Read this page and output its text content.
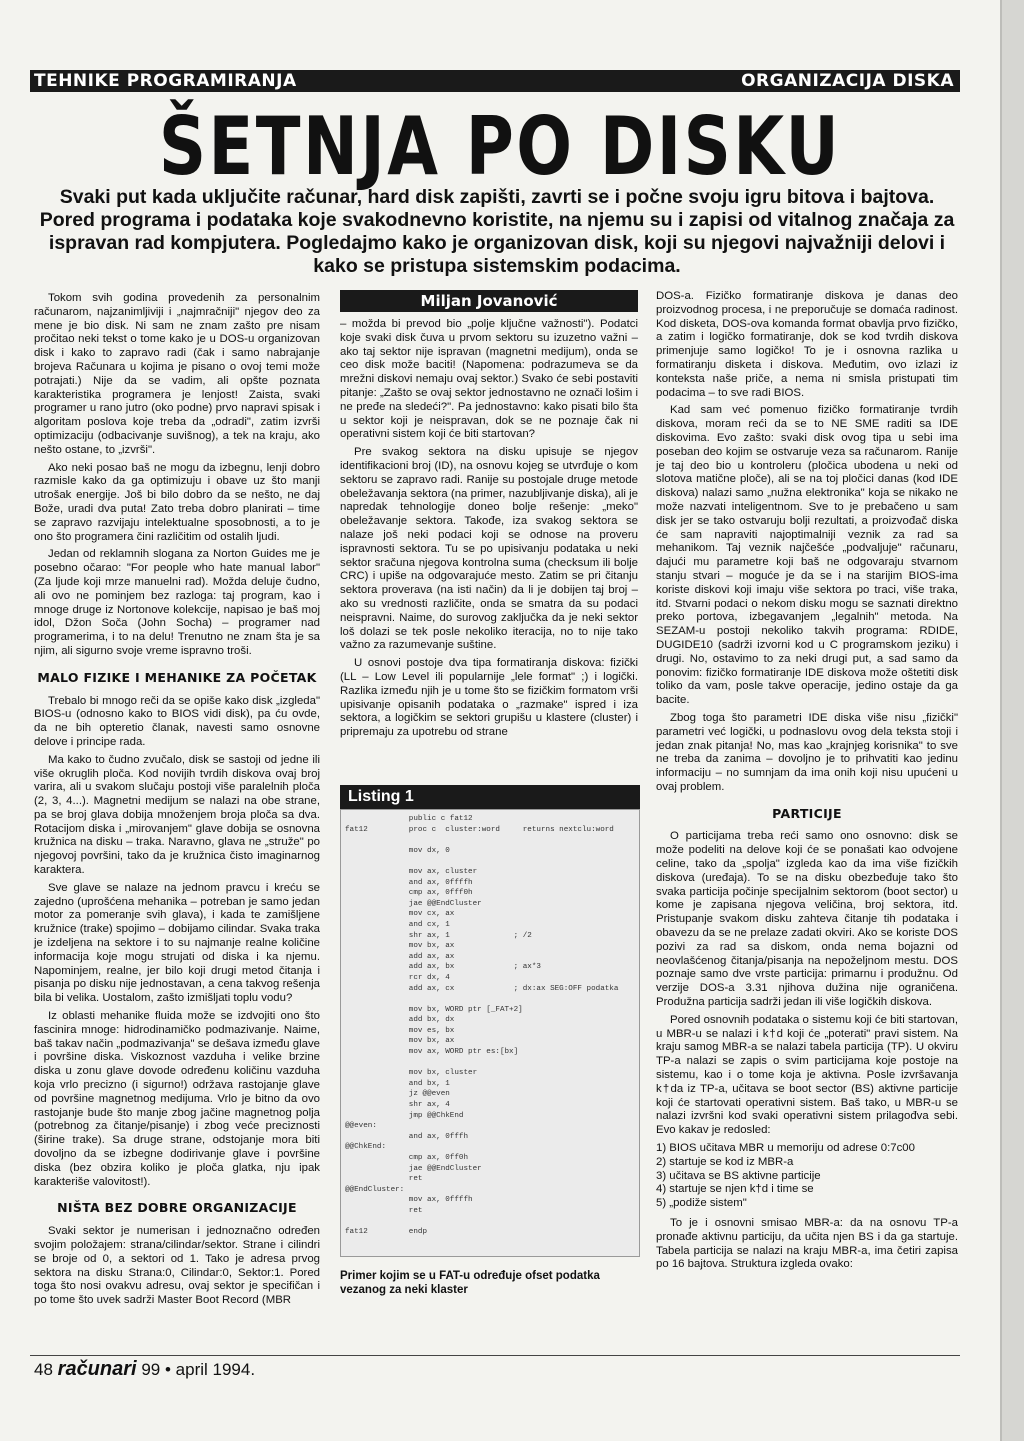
TEHNIKE PROGRAMIRANJA	ORGANIZACIJA DISKA
ŠETNJA PO DISKU
Svaki put kada uključite računar, hard disk zapišti, zavrti se i počne svoju igru bitova i bajtova. Pored programa i podataka koje svakodnevno koristite, na njemu su i zapisi od vitalnog značaja za ispravan rad kompjutera. Pogledajmo kako je organizovan disk, koji su njegovi najvažniji delovi i kako se pristupa sistemskim podacima.

Tokom svih godina provedenih za personalnim računarom, najzanimljiviji i „najmračniji" njegov deo za mene je bio disk. Ni sam ne znam zašto pre nisam pročitao neki tekst o tome kako je u DOS-u organizovan disk i kako to zapravo radi (čak i samo nabrajanje brojeva Računara u kojima je pisano o ovoj temi može potrajati.) Nije da se vadim, ali opšte poznata karakteristika programera je lenjost! Zaista, svaki programer u rano jutro (oko podne) prvo napravi spisak i algoritam poslova koje treba da „odradi", zatim izvrši optimizaciju (odbacivanje suvišnog), a tek na kraju, ako nešto ostane, to „izvrši".

Ako neki posao baš ne mogu da izbegnu, lenji dobro razmisle kako da ga optimizuju i obave uz što manji utrošak energije. Još bi bilo dobro da se nešto, ne daj Bože, uradi dva puta! Zato treba dobro planirati – time se zapravo razvijaju intelektualne sposobnosti, a to je ono što programera čini različitim od ostalih ljudi.

Jedan od reklamnih slogana za Norton Guides me je posebno očarao: "For people who hate manual labor" (Za ljude koji mrze manuelni rad). Možda deluje čudno, ali ovo ne pominjem bez razloga: taj program, kao i mnoge druge iz Nortonove kolekcije, napisao je baš moj idol, Džon Soča (John Socha) – programer nad programerima, i to na delu! Trenutno ne znam šta je sa njim, ali sigurno svoje vreme ispravno troši.

MALO FIZIKE I MEHANIKE ZA POČETAK

Trebalo bi mnogo reči da se opiše kako disk „izgleda" BIOS-u (odnosno kako to BIOS vidi disk), pa ću ovde, da ne bih opteretio članak, navesti samo osnovne delove i principe rada.

Ma kako to čudno zvučalo, disk se sastoji od jedne ili više okruglih ploča. Kod novijih tvrdih diskova ovaj broj varira, ali u svakom slučaju postoji više paralelnih ploča (2, 3, 4...). Magnetni medijum se nalazi na obe strane, pa se broj glava dobija množenjem broja ploča sa dva. Rotacijom diska i „mirovanjem" glave dobija se osnovna kružnica na disku – traka. Naravno, glava ne „struže" po njegovoj površini, tako da je kružnica čisto imaginarnog karaktera.

Sve glave se nalaze na jednom pravcu i kreću se zajedno (uprošćena mehanika – potreban je samo jedan motor za pomeranje svih glava), i kada te zamišljene kružnice (trake) spojimo – dobijamo cilindar. Svaka traka je izdeljena na sektore i to su najmanje realne količine informacija koje mogu strujati od diska i ka njemu. Napominjem, realne, jer bilo koji drugi metod čitanja i pisanja po disku nije jednostavan, a cena takvog rešenja bila bi velika. Uostalom, zašto izmišljati toplu vodu?

Iz oblasti mehanike fluida može se izdvojiti ono što fascinira mnoge: hidrodinamičko podmazivanje. Naime, baš takav način „podmazivanja" se dešava između glave i površine diska. Viskoznost vazduha i velike brzine diska u zonu glave dovode određenu količinu vazduha koja vrlo precizno (i sigurno!) održava rastojanje glave od površine magnetnog medijuma. Vrlo je bitno da ovo rastojanje bude što manje zbog jačine magnetnog polja (potrebnog za čitanje/pisanje) i zbog veće preciznosti (širine trake). Sa druge strane, odstojanje mora biti dovoljno da se izbegne dodirivanje glave i površine diska (bez obzira koliko je ploča glatka, nju ipak karakteriše valovitost!).

NIŠTA BEZ DOBRE ORGANIZACIJE

Svaki sektor je numerisan i jednoznačno određen svojim položajem: strana/cilindar/sektor. Strane i cilindri se broje od 0, a sektori od 1. Tako je adresa prvog sektora na disku Strana:0, Cilindar:0, Sektor:1. Pored toga što nosi ovakvu adresu, ovaj sektor je specifičan i po tome što uvek sadrži Master Boot Record (MBR

Miljan Jovanović

– možda bi prevod bio „polje ključne važnosti"). Podatci koje svaki disk čuva u prvom sektoru su izuzetno važni – ako taj sektor nije ispravan (magnetni medijum), onda se ceo disk može baciti! (Napomena: podrazumeva se da mrežni diskovi nemaju ovaj sektor.) Svako će sebi postaviti pitanje: „Zašto se ovaj sektor jednostavno ne označi lošim i ne pređe na sledeći?". Pa jednostavno: kako pisati bilo šta u sektor koji je neispravan, dok se ne poznaje čak ni operativni sistem koji će biti startovan?

Pre svakog sektora na disku upisuje se njegov identifikacioni broj (ID), na osnovu kojeg se utvrđuje o kom sektoru se zapravo radi. Ranije su postojale druge metode obeležavanja sektora (na primer, nazubljivanje diska), ali je napredak tehnologije doneo bolje rešenje: „meko" obeležavanje sektora. Takođe, iza svakog sektora se nalaze još neki podaci koji se odnose na proveru ispravnosti sektora. Tu se po upisivanju podataka u neki sektor sračuna njegova kontrolna suma (checksum ili bolje CRC) i upiše na odgovarajuće mesto. Zatim se pri čitanju sektora proverava (na isti način) da li je dobijen taj broj – ako su vrednosti različite, onda se smatra da su podaci neispravni. Naime, do surovog zaključka da je neki sektor loš dolazi se tek posle nekoliko iteracija, no to nije tako važno za razumevanje suštine.

U osnovi postoje dva tipa formatiranja diskova: fizički (LL – Low Level ili popularnije „lele format" ;) i logički. Razlika između njih je u tome što se fizičkim formatom vrši upisivanje opisanih podataka o „razmake" ispred i iza sektora, a logičkim se sektori grupišu u klastere (cluster) i pripremaju za upotrebu od strane

Listing 1
public c fat12
fat12         proc c  cluster:word     returns nextclu:word

mov dx, 0

mov ax, cluster
and ax, 0ffffh
cmp ax, 0fff0h
jae @@EndCluster
mov cx, ax
and cx, 1
shr ax, 1              ; /2
mov bx, ax
add ax, ax
add ax, bx             ; ax*3
rcr dx, 4
add ax, cx             ; dx:ax SEG:OFF podatka

mov bx, WORD ptr [_FAT+2]
add bx, dx
mov es, bx
mov bx, ax
mov ax, WORD ptr es:[bx]

mov bx, cluster
and bx, 1
jz @@even
shr ax, 4
jmp @@ChkEnd
@@even:
and ax, 0fffh
@@ChkEnd:
cmp ax, 0ff0h
jae @@EndCluster
ret
@@EndCluster:
mov ax, 0ffffh
ret

fat12         endp
Primer kojim se u FAT-u određuje ofset podatka vezanog za neki klaster

DOS-a. Fizičko formatiranje diskova je danas deo proizvodnog procesa, i ne preporučuje se domaća radinost. Kod disketa, DOS-ova komanda format obavlja prvo fizičko, a zatim i logičko formatiranje, dok se kod tvrdih diskova primenjuje samo logičko! To je i osnovna razlika u formatiranju disketa i diskova. Međutim, ovo izlazi iz konteksta naše priče, a nema ni smisla pristupati tim podacima – to sve radi BIOS.

Kad sam već pomenuo fizičko formatiranje tvrdih diskova, moram reći da se to NE SME raditi sa IDE diskovima. Evo zašto: svaki disk ovog tipa u sebi ima poseban deo kojim se ostvaruje veza sa računarom. Ranije je taj deo bio u kontroleru (pločica ubodena u neki od slotova matične ploče), ali se na toj pločici danas (kod IDE diskova) nalazi samo „nužna elektronika" koja se nikako ne može nazvati inteligentnom. Sve to je prebačeno u sam disk jer se tako ostvaruju bolji rezultati, a proizvođač diska će sam napraviti najoptimalniji veznik za rad sa mehanikom. Taj veznik najčešće „podvaljuje" računaru, dajući mu parametre koji baš ne odgovaraju stvarnom stanju stvari – moguće je da se i na starijim BIOS-ima koriste diskovi koji imaju više sektora po traci, više traka, itd. Stvarni podaci o nekom disku mogu se saznati direktno preko portova, izbegavanjem „legalnih" metoda. Na SEZAM-u postoji nekoliko takvih programa: RDIDE, DUGIDE10 (sadrži izvorni kod u C programskom jeziku) i drugi. No, ostavimo to za neki drugi put, a sad samo da ponovim: fizičko formatiranje IDE diskova može oštetiti disk toliko da vam, posle takve operacije, jedino ostaje da ga bacite.

Zbog toga što parametri IDE diska više nisu „fizički" parametri već logički, u podnaslovu ovog dela teksta stoji i jedan znak pitanja! No, mas kao „krajnjeg korisnika" to sve ne treba da zanima – dovoljno je to prihvatiti kao jedinu informaciju – no sumnjam da ima onih koji nisu upućeni u ovaj problem.

PARTICIJE

O particijama treba reći samo ono osnovno: disk se može podeliti na delove koji će se ponašati kao odvojene celine, tako da „spolja" izgleda kao da ima više fizičkih diskova (uređaja). To se na disku obezbeđuje tako što svaka particija počinje specijalnim sektorom (boot sector) u kome je zapisana njegova veličina, broj sektora, itd. Pristupanje svakom disku zahteva čitanje tih podataka i obavezu da se ne prelaze zadati okviri. Ako se koriste DOS pozivi za rad sa diskom, onda nema bojazni od neovlašćenog čitanja/pisanja na nepoželjnom mestu. DOS poznaje samo dve vrste particija: primarnu i produžnu. Od verzije DOS-a 3.31 njihova dužina nije ograničena. Produžna particija sadrži jedan ili više logičkih diskova.

Pored osnovnih podataka o sistemu koji će biti startovan, u MBR-u se nalazi i k†d koji će „poterati" pravi sistem. Na kraju samog MBR-a se nalazi tabela particija (TP). U okviru TP-a nalazi se zapis o svim particijama koje postoje na sistemu, kao i o tome koja je aktivna. Posle izvršavanja k†da iz TP-a, učitava se boot sector (BS) aktivne particije koji će startovati operativni sistem. Baš tako, u MBR-u se nalazi izvršni kod svaki operativni sistem prilagođva sebi. Evo kakav je redosled:

1) BIOS učitava MBR u memoriju od adrese 0:7c00
2) startuje se kod iz MBR-a
3) učitava se BS aktivne particije
4) startuje se njen k†d i time se
5) „podiže sistem"

To je i osnovni smisao MBR-a: da na osnovu TP-a pronađe aktivnu particiju, da učita njen BS i da ga startuje. Tabela particija se nalazi na kraju MBR-a, ima četiri zapisa po 16 bajtova. Struktura izgleda ovako:

48 računari 99 • april 1994.
